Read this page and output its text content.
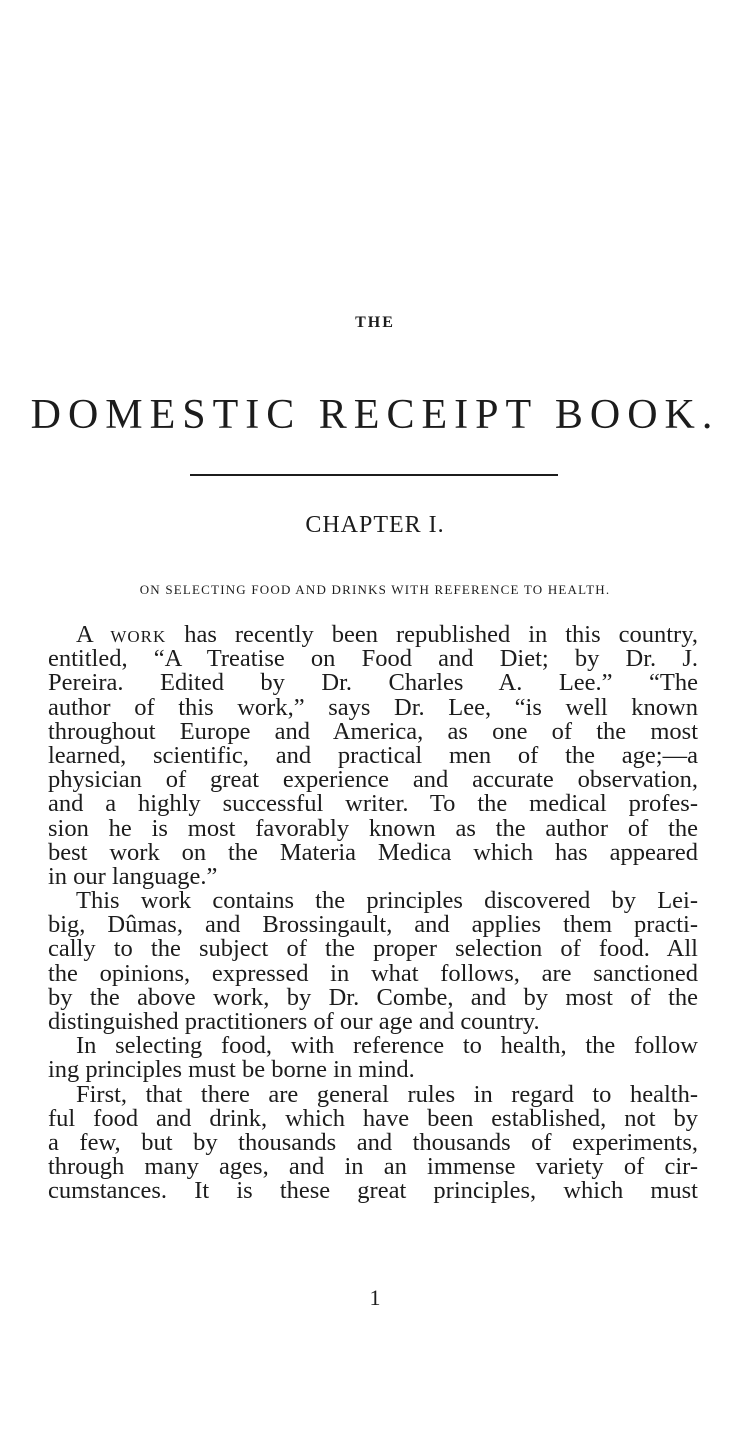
THE
DOMESTIC RECEIPT BOOK.
CHAPTER I.
ON SELECTING FOOD AND DRINKS WITH REFERENCE TO HEALTH.
A work has recently been republished in this country,
entitled, “A Treatise on Food and Diet; by Dr. J.
Pereira. Edited by Dr. Charles A. Lee.” “The
author of this work,” says Dr. Lee, “is well known
throughout Europe and America, as one of the most
learned, scientific, and practical men of the age;—a
physician of great experience and accurate observation,
and a highly successful writer. To the medical profes-
sion he is most favorably known as the author of the
best work on the Materia Medica which has appeared
in our language.”
This work contains the principles discovered by Lei-
big, Dûmas, and Brossingault, and applies them practi-
cally to the subject of the proper selection of food. All
the opinions, expressed in what follows, are sanctioned
by the above work, by Dr. Combe, and by most of the
distinguished practitioners of our age and country.
In selecting food, with reference to health, the follow
ing principles must be borne in mind.
First, that there are general rules in regard to health-
ful food and drink, which have been established, not by
a few, but by thousands and thousands of experiments,
through many ages, and in an immense variety of cir-
cumstances. It is these great principles, which must
1
